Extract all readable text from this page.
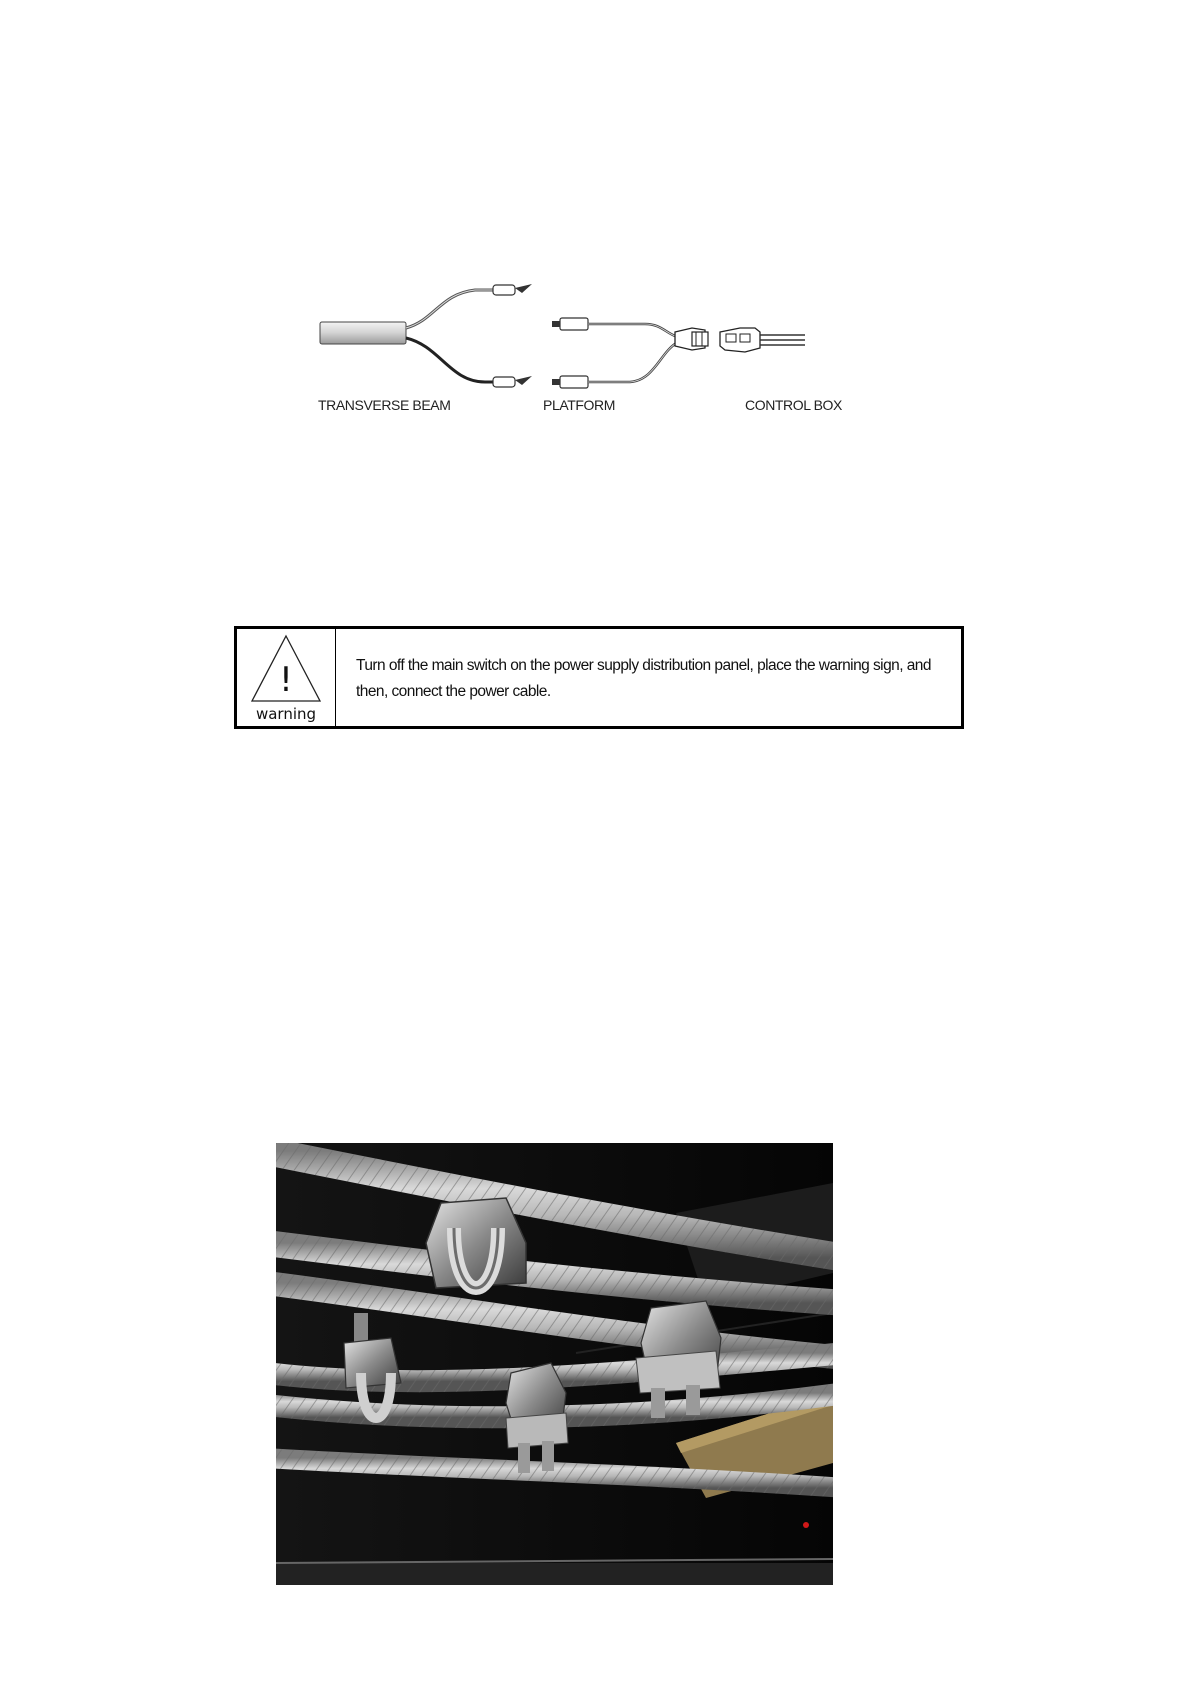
TRANSVERSE BEAM	PLATFORM	CONTROL BOX
!
warning
Turn off the main switch on the power supply distribution panel, place the warning sign, and
then, connect the power cable.
